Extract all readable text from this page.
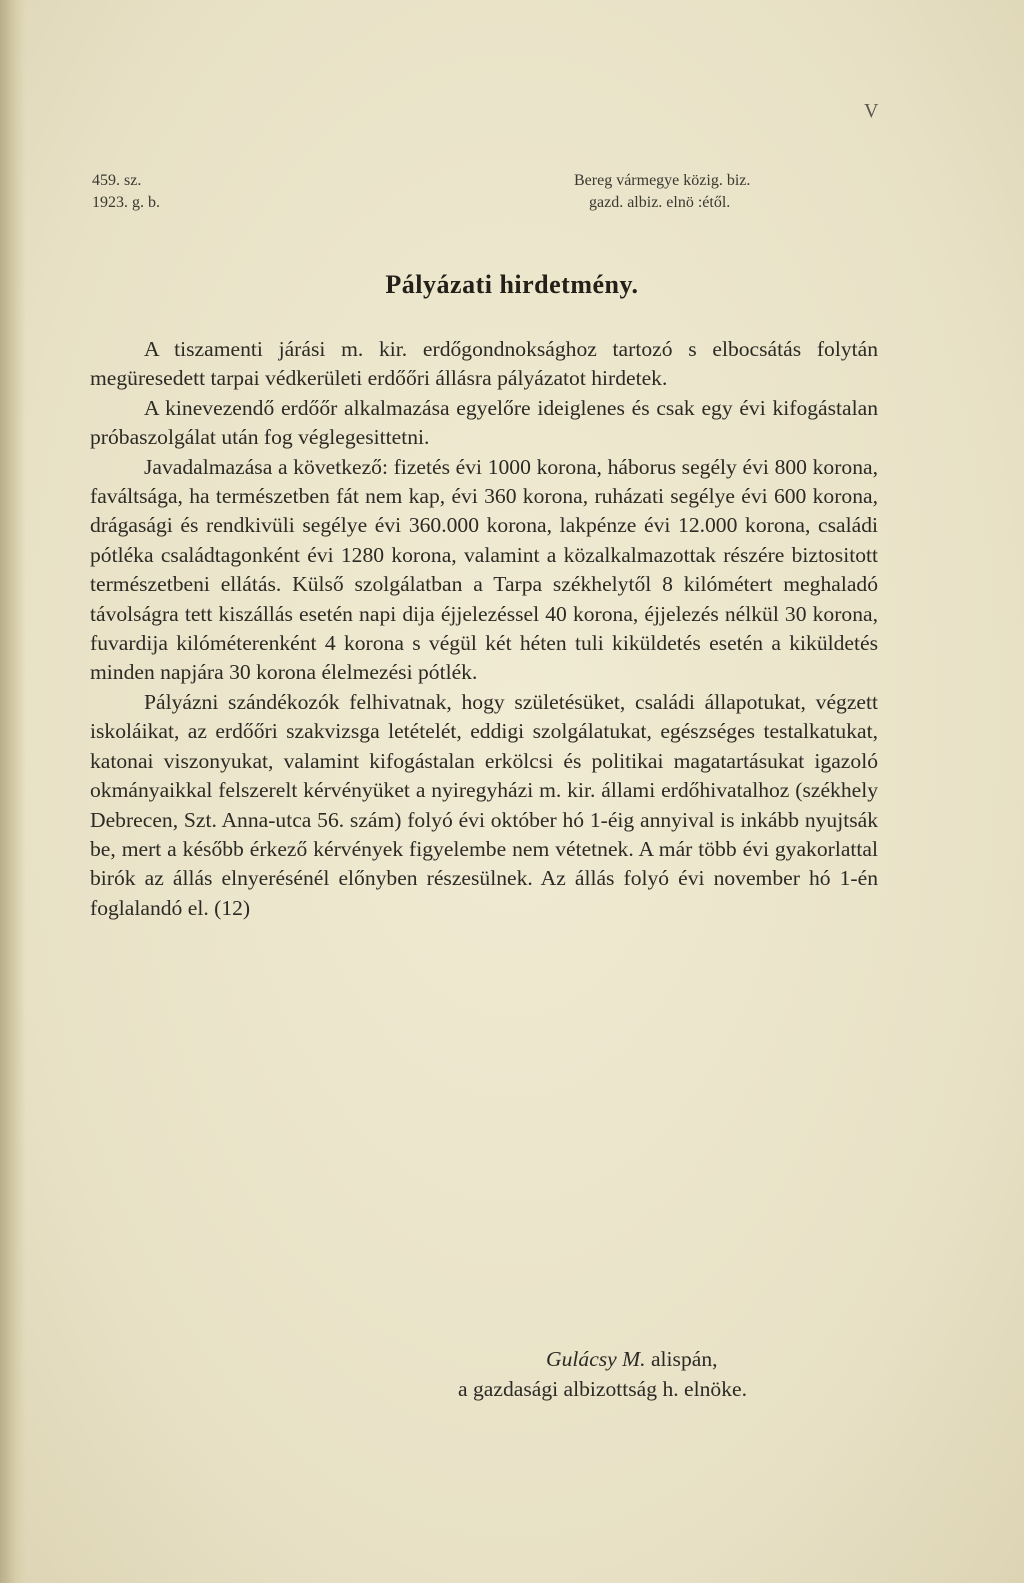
V
459. sz.
1923. g. b.
Bereg vármegye közig. biz.
gazd. albiz. elnö :étől.
Pályázati hirdetmény.

A tiszamenti járási m. kir. erdőgondnoksághoz tartozó s elbocsátás folytán megüresedett tarpai védkerületi erdőőri állásra pályázatot hirdetek.

A kinevezendő erdőőr alkalmazása egyelőre ideiglenes és csak egy évi kifogástalan próbaszolgálat után fog véglegesittetni.

Javadalmazása a következő: fizetés évi 1000 korona, háborus segély évi 800 korona, faváltsága, ha természetben fát nem kap, évi 360 korona, ruházati segélye évi 600 korona, drágasági és rendkivüli segélye évi 360.000 korona, lakpénze évi 12.000 korona, családi pótléka családtagonként évi 1280 korona, valamint a közalkalmazottak részére biztositott természetbeni ellátás. Külső szolgálatban a Tarpa székhelytől 8 kilómétert meghaladó távolságra tett kiszállás esetén napi dija éjjelezéssel 40 korona, éjjelezés nélkül 30 korona, fuvardija kilóméterenként 4 korona s végül két héten tuli kiküldetés esetén a kiküldetés minden napjára 30 korona élelmezési pótlék.

Pályázni szándékozók felhivatnak, hogy születésüket, családi állapotukat, végzett iskoláikat, az erdőőri szakvizsga letételét, eddigi szolgálatukat, egészséges testalkatukat, katonai viszonyukat, valamint kifogástalan erkölcsi és politikai magatartásukat igazoló okmányaikkal felszerelt kérvényüket a nyiregyházi m. kir. állami erdőhivatalhoz (székhely Debrecen, Szt. Anna-utca 56. szám) folyó évi október hó 1-éig annyival is inkább nyujtsák be, mert a később érkező kérvények figyelembe nem vétetnek. A már több évi gyakorlattal birók az állás elnyerésénél előnyben részesülnek. Az állás folyó évi november hó 1-én foglalandó el. (12)

Gulácsy M. alispán,
a gazdasági albizottság h. elnöke.
